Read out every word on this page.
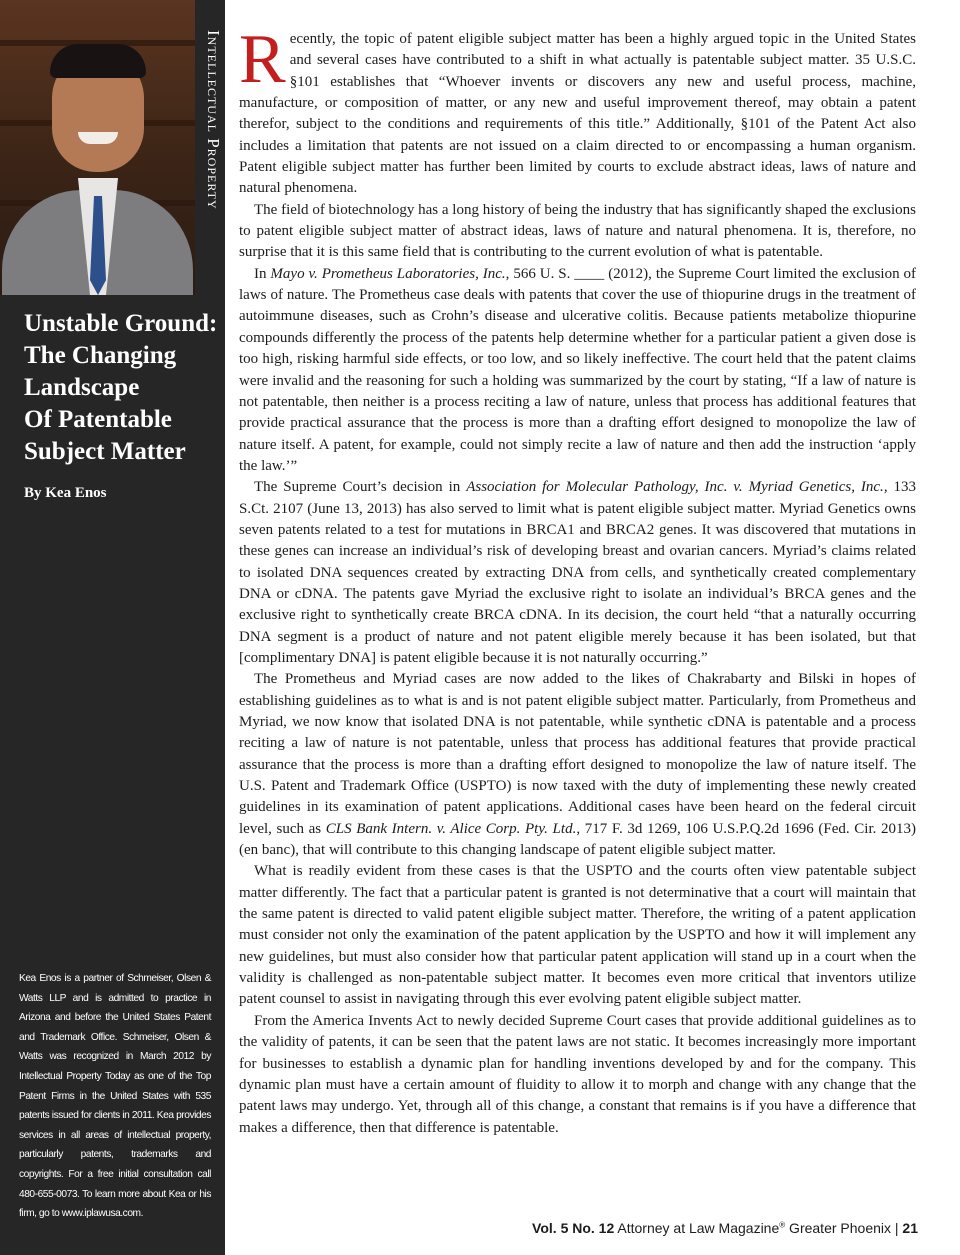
Intellectual Property
Unstable Ground:
The Changing
Landscape
Of Patentable
Subject Matter

By Kea Enos

Kea Enos is a partner of Schmeiser, Olsen & Watts LLP and is admitted to practice in Arizona and before the United States Patent and Trademark Office. Schmeiser, Olsen & Watts was recognized in March 2012 by Intellectual Property Today as one of the Top Patent Firms in the United States with 535 patents issued for clients in 2011. Kea provides services in all areas of intellectual property, particularly patents, trademarks and copyrights. For a free initial consultation call 480-655-0073. To learn more about Kea or his firm, go to www.iplawusa.com.

Recently, the topic of patent eligible subject matter has been a highly argued topic in the United States and several cases have contributed to a shift in what actually is patentable subject matter. 35 U.S.C. §101 establishes that “Whoever invents or discovers any new and useful process, machine, manufacture, or composition of matter, or any new and useful improvement thereof, may obtain a patent therefor, subject to the conditions and requirements of this title.” Additionally, §101 of the Patent Act also includes a limitation that patents are not issued on a claim directed to or encompassing a human organism. Patent eligible subject matter has further been limited by courts to exclude abstract ideas, laws of nature and natural phenomena.

The field of biotechnology has a long history of being the industry that has significantly shaped the exclusions to patent eligible subject matter of abstract ideas, laws of nature and natural phenomena. It is, therefore, no surprise that it is this same field that is contributing to the current evolution of what is patentable.

In Mayo v. Prometheus Laboratories, Inc., 566 U. S. ____ (2012), the Supreme Court limited the exclusion of laws of nature. The Prometheus case deals with patents that cover the use of thiopurine drugs in the treatment of autoimmune diseases, such as Crohn’s disease and ulcerative colitis. Because patients metabolize thiopurine compounds differently the process of the patents help determine whether for a particular patient a given dose is too high, risking harmful side effects, or too low, and so likely ineffective. The court held that the patent claims were invalid and the reasoning for such a holding was summarized by the court by stating, “If a law of nature is not patentable, then neither is a process reciting a law of nature, unless that process has additional features that provide practical assurance that the process is more than a drafting effort designed to monopolize the law of nature itself. A patent, for example, could not simply recite a law of nature and then add the instruction ‘apply the law.’”

The Supreme Court’s decision in Association for Molecular Pathology, Inc. v. Myriad Genetics, Inc., 133 S.Ct. 2107 (June 13, 2013) has also served to limit what is patent eligible subject matter. Myriad Genetics owns seven patents related to a test for mutations in BRCA1 and BRCA2 genes. It was discovered that mutations in these genes can increase an individual’s risk of developing breast and ovarian cancers. Myriad’s claims related to isolated DNA sequences created by extracting DNA from cells, and synthetically created complementary DNA or cDNA. The patents gave Myriad the exclusive right to isolate an individual’s BRCA genes and the exclusive right to synthetically create BRCA cDNA. In its decision, the court held “that a naturally occurring DNA segment is a product of nature and not patent eligible merely because it has been isolated, but that [complimentary DNA] is patent eligible because it is not naturally occurring.”

The Prometheus and Myriad cases are now added to the likes of Chakrabarty and Bilski in hopes of establishing guidelines as to what is and is not patent eligible subject matter. Particularly, from Prometheus and Myriad, we now know that isolated DNA is not patentable, while synthetic cDNA is patentable and a process reciting a law of nature is not patentable, unless that process has additional features that provide practical assurance that the process is more than a drafting effort designed to monopolize the law of nature itself. The U.S. Patent and Trademark Office (USPTO) is now taxed with the duty of implementing these newly created guidelines in its examination of patent applications. Additional cases have been heard on the federal circuit level, such as CLS Bank Intern. v. Alice Corp. Pty. Ltd., 717 F. 3d 1269, 106 U.S.P.Q.2d 1696 (Fed. Cir. 2013) (en banc), that will contribute to this changing landscape of patent eligible subject matter.

What is readily evident from these cases is that the USPTO and the courts often view patentable subject matter differently. The fact that a particular patent is granted is not determinative that a court will maintain that the same patent is directed to valid patent eligible subject matter. Therefore, the writing of a patent application must consider not only the examination of the patent application by the USPTO and how it will implement any new guidelines, but must also consider how that particular patent application will stand up in a court when the validity is challenged as non-patentable subject matter. It becomes even more critical that inventors utilize patent counsel to assist in navigating through this ever evolving patent eligible subject matter.

From the America Invents Act to newly decided Supreme Court cases that provide additional guidelines as to the validity of patents, it can be seen that the patent laws are not static. It becomes increasingly more important for businesses to establish a dynamic plan for handling inventions developed by and for the company. This dynamic plan must have a certain amount of fluidity to allow it to morph and change with any change that the patent laws may undergo. Yet, through all of this change, a constant that remains is if you have a difference that makes a difference, then that difference is patentable.

Vol. 5 No. 12 Attorney at Law Magazine® Greater Phoenix | 21
